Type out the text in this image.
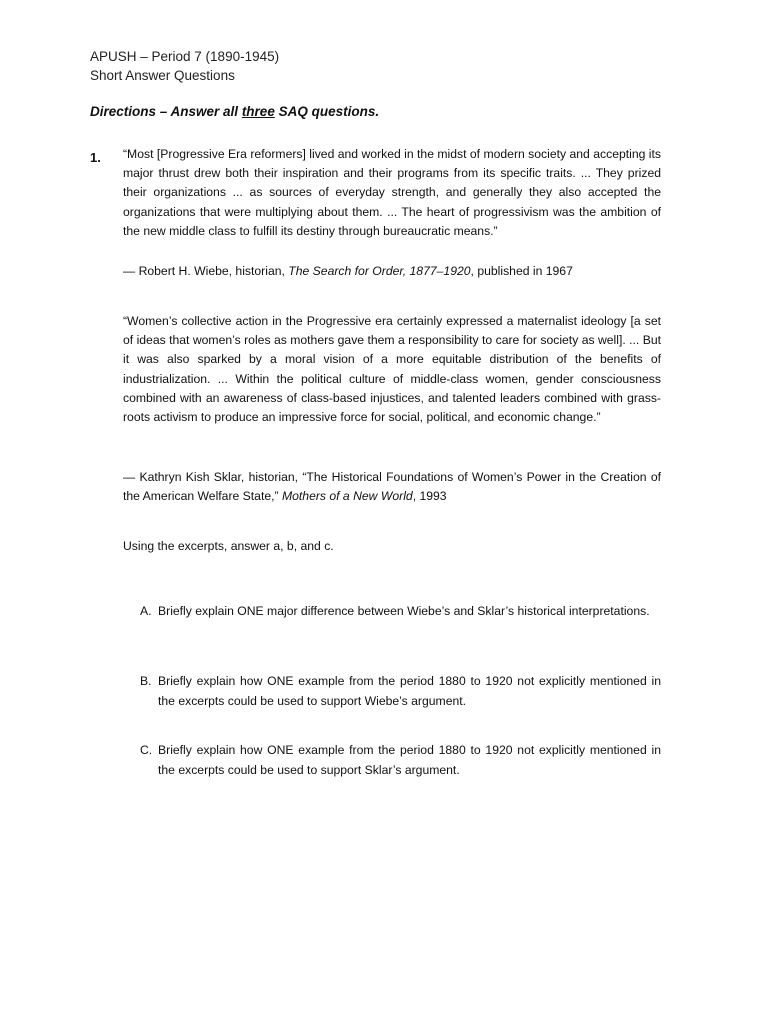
APUSH – Period 7 (1890-1945)
Short Answer Questions
Directions – Answer all three SAQ questions.
1. “Most [Progressive Era reformers] lived and worked in the midst of modern society and accepting its major thrust drew both their inspiration and their programs from its specific traits. ... They prized their organizations ... as sources of everyday strength, and generally they also accepted the organizations that were multiplying about them. ... The heart of progressivism was the ambition of the new middle class to fulfill its destiny through bureaucratic means.”
— Robert H. Wiebe, historian, The Search for Order, 1877–1920, published in 1967
“Women’s collective action in the Progressive era certainly expressed a maternalist ideology [a set of ideas that women’s roles as mothers gave them a responsibility to care for society as well]. ... But it was also sparked by a moral vision of a more equitable distribution of the benefits of industrialization. ... Within the political culture of middle-class women, gender consciousness combined with an awareness of class-based injustices, and talented leaders combined with grass-roots activism to produce an impressive force for social, political, and economic change.”
— Kathryn Kish Sklar, historian, “The Historical Foundations of Women’s Power in the Creation of the American Welfare State,” Mothers of a New World, 1993
Using the excerpts, answer a, b, and c.
A. Briefly explain ONE major difference between Wiebe’s and Sklar’s historical interpretations.
B. Briefly explain how ONE example from the period 1880 to 1920 not explicitly mentioned in the excerpts could be used to support Wiebe’s argument.
C. Briefly explain how ONE example from the period 1880 to 1920 not explicitly mentioned in the excerpts could be used to support Sklar’s argument.
